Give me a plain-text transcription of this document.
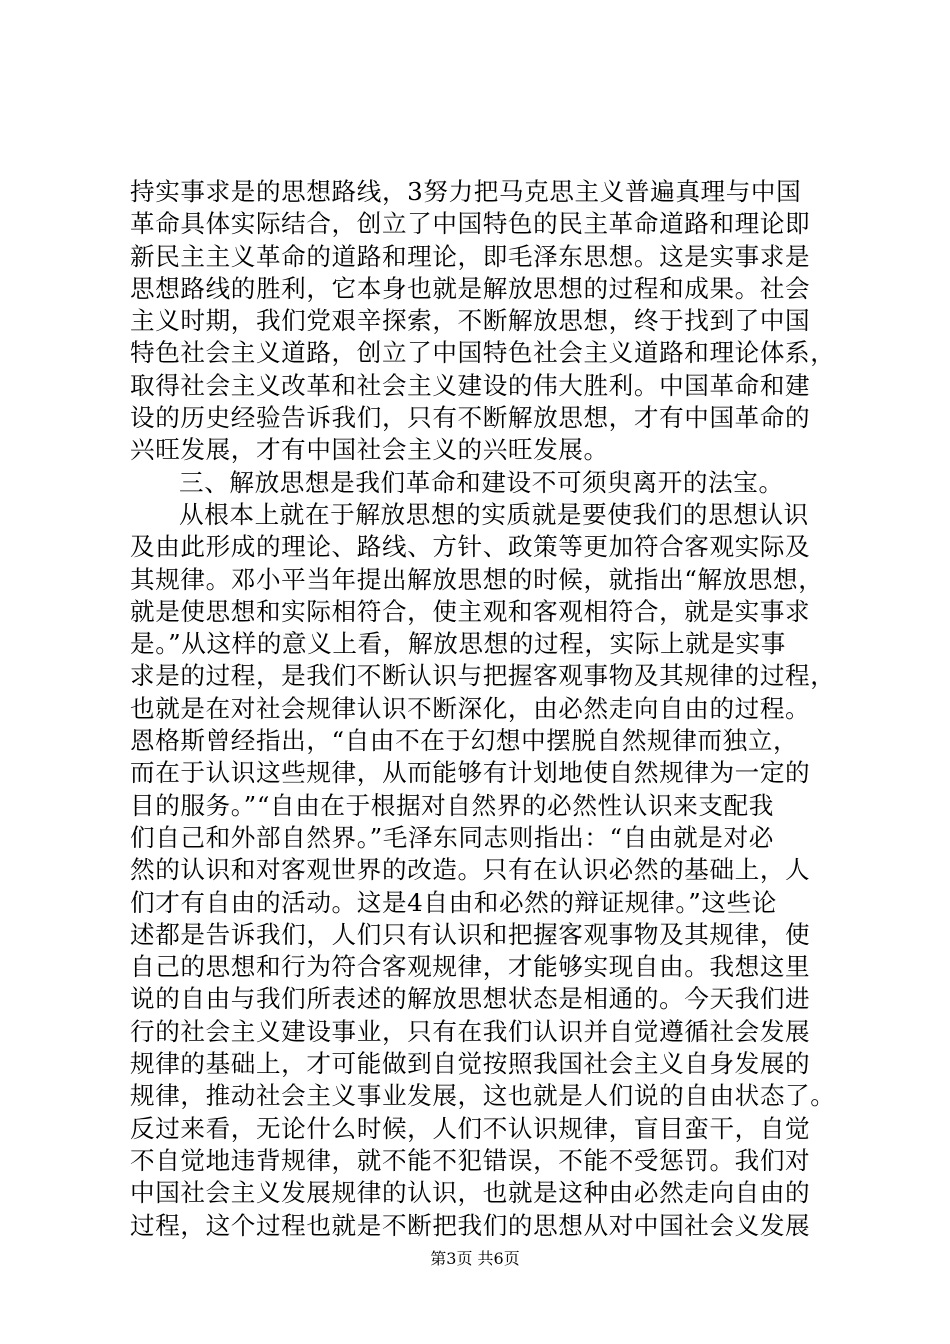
持实事求是的思想路线，3努力把马克思主义普遍真理与中国
革命具体实际结合，创立了中国特色的民主革命道路和理论即
新民主主义革命的道路和理论，即毛泽东思想。这是实事求是
思想路线的胜利，它本身也就是解放思想的过程和成果。社会
主义时期，我们党艰辛探索，不断解放思想，终于找到了中国
特色社会主义道路，创立了中国特色社会主义道路和理论体系，
取得社会主义改革和社会主义建设的伟大胜利。中国革命和建
设的历史经验告诉我们，只有不断解放思想，才有中国革命的
兴旺发展，才有中国社会主义的兴旺发展。
三、解放思想是我们革命和建设不可须臾离开的法宝。
从根本上就在于解放思想的实质就是要使我们的思想认识
及由此形成的理论、路线、方针、政策等更加符合客观实际及
其规律。邓小平当年提出解放思想的时候，就指出“解放思想，
就是使思想和实际相符合，使主观和客观相符合，就是实事求
是。”从这样的意义上看，解放思想的过程，实际上就是实事
求是的过程，是我们不断认识与把握客观事物及其规律的过程，
也就是在对社会规律认识不断深化，由必然走向自由的过程。
恩格斯曾经指出，“自由不在于幻想中摆脱自然规律而独立，
而在于认识这些规律，从而能够有计划地使自然规律为一定的
目的服务。”“自由在于根据对自然界的必然性认识来支配我
们自己和外部自然界。”毛泽东同志则指出：“自由就是对必
然的认识和对客观世界的改造。只有在认识必然的基础上，人
们才有自由的活动。这是4自由和必然的辩证规律。”这些论
述都是告诉我们，人们只有认识和把握客观事物及其规律，使
自己的思想和行为符合客观规律，才能够实现自由。我想这里
说的自由与我们所表述的解放思想状态是相通的。今天我们进
行的社会主义建设事业，只有在我们认识并自觉遵循社会发展
规律的基础上，才可能做到自觉按照我国社会主义自身发展的
规律，推动社会主义事业发展，这也就是人们说的自由状态了。
反过来看，无论什么时候，人们不认识规律，盲目蛮干，自觉
不自觉地违背规律，就不能不犯错误，不能不受惩罚。我们对
中国社会主义发展规律的认识，也就是这种由必然走向自由的
过程，这个过程也就是不断把我们的思想从对中国社会义发展
第3页 共6页
